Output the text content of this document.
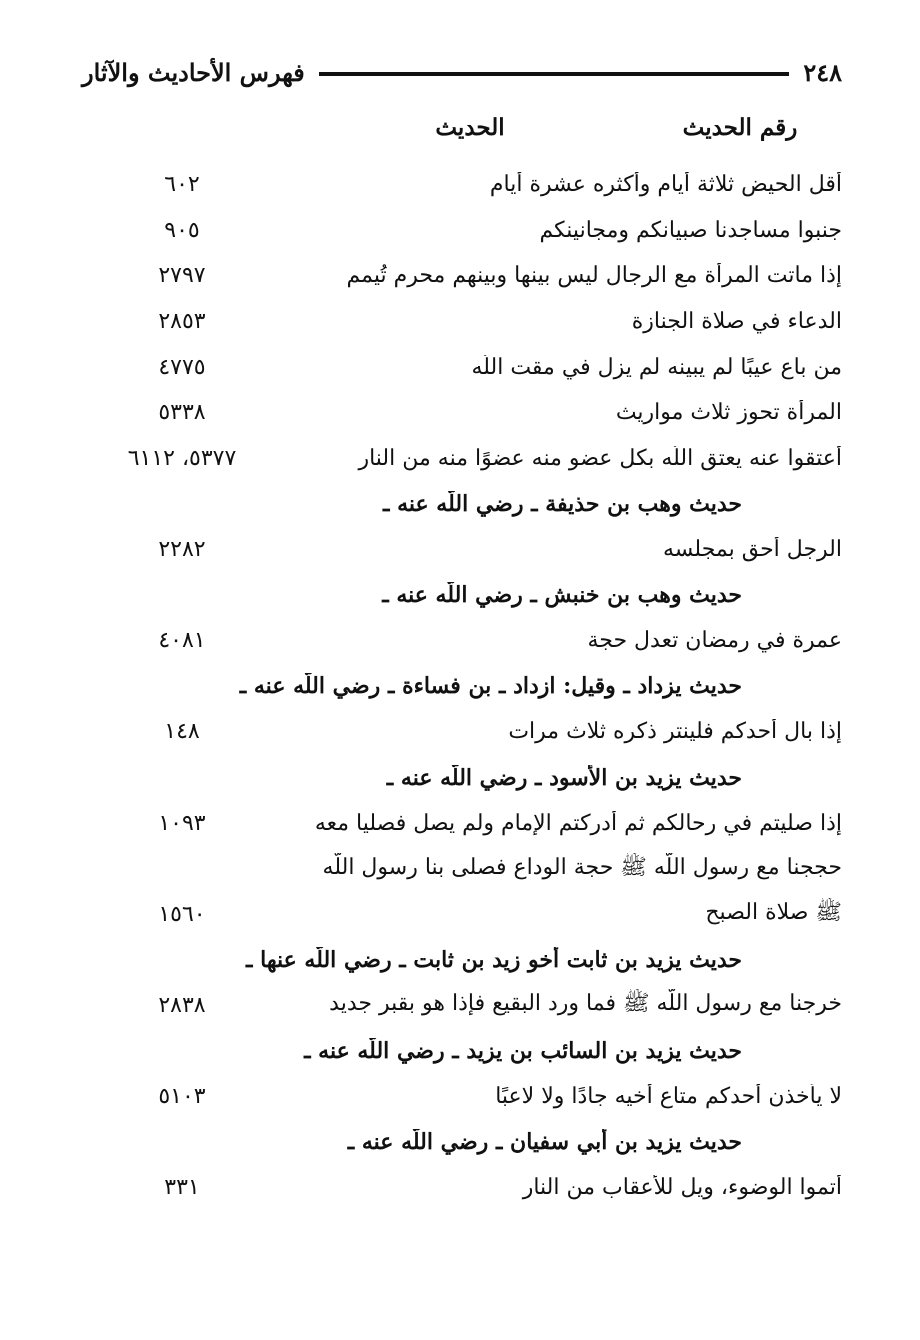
٢٤٨
فهرس الأحاديث والآثار
الحديث	رقم الحديث
أقل الحيض ثلاثة أيام وأكثره عشرة أيام
٦٠٢
جنبوا مساجدنا صبيانكم ومجانينكم
٩٠٥
إذا ماتت المرأة مع الرجال ليس بينها وبينهم محرم تُيمم
٢٧٩٧
الدعاء في صلاة الجنازة
٢٨٥٣
من باع عيبًا لم يبينه لم يزل في مقت اللَّه
٤٧٧٥
المرأة تحوز ثلاث مواريث
٥٣٣٨
أعتقوا عنه يعتق اللَّه بكل عضو منه عضوًا منه من النار
٥٣٧٧، ٦١١٢
حديث وهب بن حذيفة ـ رضي اللَّه عنه ـ
الرجل أحق بمجلسه
٢٢٨٢
حديث وهب بن خنبش ـ رضي اللَّه عنه ـ
عمرة في رمضان تعدل حجة
٤٠٨١
حديث يزداد ـ وقيل: ازداد ـ بن فساءة ـ رضي اللَّه عنه ـ
إذا بال أحدكم فلينتر ذكره ثلاث مرات
١٤٨
حديث يزيد بن الأسود ـ رضي اللَّه عنه ـ
إذا صليتم في رحالكم ثم أدركتم الإمام ولم يصل فصليا معه
١٠٩٣
حججنا مع رسول اللَّه ﷺ حجة الوداع فصلى بنا رسول اللَّه
ﷺ صلاة الصبح
١٥٦٠
حديث يزيد بن ثابت أخو زيد بن ثابت ـ رضي اللَّه عنها ـ
خرجنا مع رسول اللَّه ﷺ فما ورد البقيع فإذا هو بقبر جديد
٢٨٣٨
حديث يزيد بن السائب بن يزيد ـ رضي اللَّه عنه ـ
لا يأخذن أحدكم متاع أخيه جادًا ولا لاعبًا
٥١٠٣
حديث يزيد بن أبي سفيان ـ رضي اللَّه عنه ـ
أتموا الوضوء، ويل للأعقاب من النار
٣٣١
